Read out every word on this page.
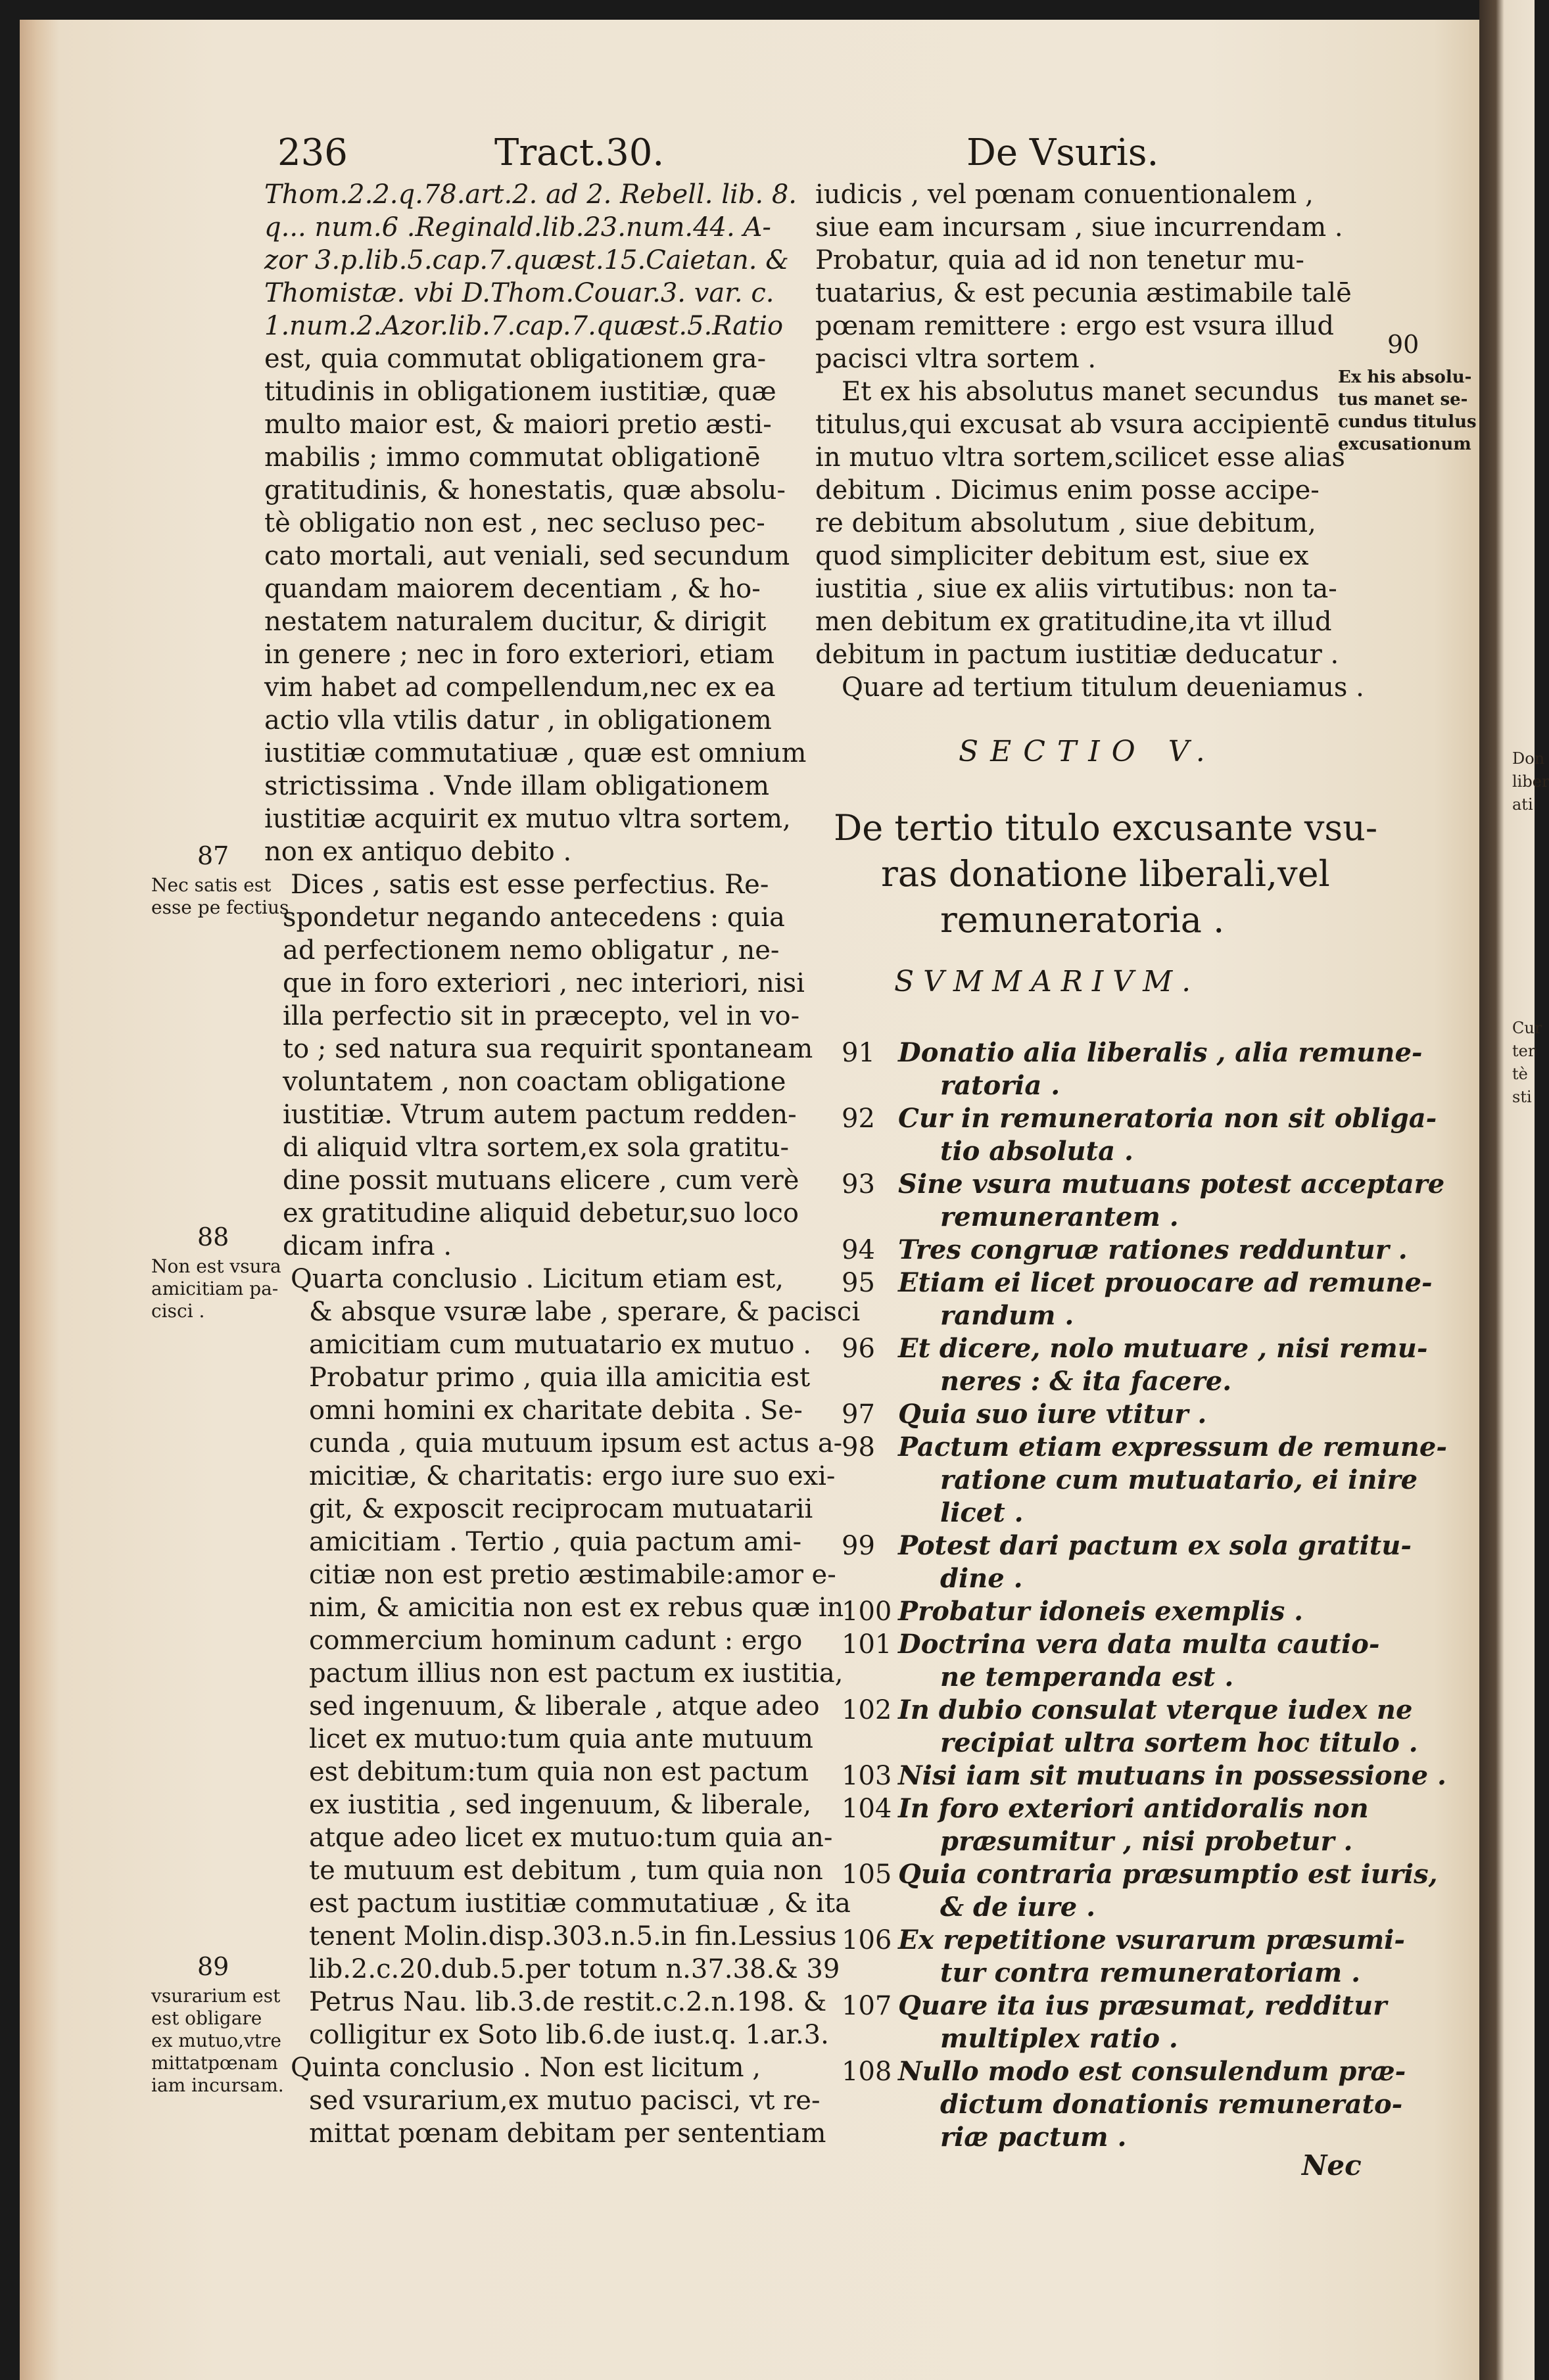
236	Tract.30.	De Vsuris.
Thom.2.2.q.78.art.2. ad 2. Rebell. lib. 8.
q... num.6 .Reginald.lib.23.num.44. A-
zor 3.p.lib.5.cap.7.quæst.15.Caietan. &
Thomistæ. vbi D.Thom.Couar.3. var. c.
1.num.2.Azor.lib.7.cap.7.quæst.5.Ratio
est, quia commutat obligationem gra-
titudinis in obligationem iustitiæ, quæ
multo maior est, & maiori pretio æsti-
mabilis ; immo commutat obligationē
gratitudinis, & honestatis, quæ absolu-
tè obligatio non est , nec secluso pec-
cato mortali, aut veniali, sed secundum
quandam maiorem decentiam , & ho-
nestatem naturalem ducitur, & dirigit
in genere ; nec in foro exteriori, etiam
vim habet ad compellendum,nec ex ea
actio vlla vtilis datur , in obligationem
iustitiæ commutatiuæ , quæ est omnium
strictissima . Vnde illam obligationem
iustitiæ acquirit ex mutuo vltra sortem,
non ex antiquo debito .
Dices , satis est esse perfectius. Re-
spondetur negando antecedens : quia
ad perfectionem nemo obligatur , ne-
que in foro exteriori , nec interiori, nisi
illa perfectio sit in præcepto, vel in vo-
to ; sed natura sua requirit spontaneam
voluntatem , non coactam obligatione
iustitiæ. Vtrum autem pactum redden-
di aliquid vltra sortem,ex sola gratitu-
dine possit mutuans elicere , cum verè
ex gratitudine aliquid debetur,suo loco
dicam infra .
Quarta conclusio . Licitum etiam est,
& absque vsuræ labe , sperare, & pacisci
amicitiam cum mutuatario ex mutuo .
Probatur primo , quia illa amicitia est
omni homini ex charitate debita . Se-
cunda , quia mutuum ipsum est actus a-
micitiæ, & charitatis: ergo iure suo exi-
git, & exposcit reciprocam mutuatarii
amicitiam . Tertio , quia pactum ami-
citiæ non est pretio æstimabile:amor e-
nim, & amicitia non est ex rebus quæ in
commercium hominum cadunt : ergo
pactum illius non est pactum ex iustitia,
sed ingenuum, & liberale , atque adeo
licet ex mutuo:tum quia ante mutuum
est debitum:tum quia non est pactum
ex iustitia , sed ingenuum, & liberale,
atque adeo licet ex mutuo:tum quia an-
te mutuum est debitum , tum quia non
est pactum iustitiæ commutatiuæ , & ita
tenent Molin.disp.303.n.5.in fin.Lessius
lib.2.c.20.dub.5.per totum n.37.38.& 39
Petrus Nau. lib.3.de restit.c.2.n.198. &
colligitur ex Soto lib.6.de iust.q. 1.ar.3.
Quinta conclusio . Non est licitum ,
sed vsurarium,ex mutuo pacisci, vt re-
mittat pœnam debitam per sententiam
87
Nec satis est
esse pe fectius
88
Non est vsura
amicitiam pa-
cisci .
89
vsurarium est
est obligare
ex mutuo,vtre
mittatpœnam
iam incursam.
iudicis , vel pœnam conuentionalem ,
siue eam incursam , siue incurrendam .
Probatur, quia ad id non tenetur mu-
tuatarius, & est pecunia æstimabile talē
pœnam remittere : ergo est vsura illud
pacisci vltra sortem .
Et ex his absolutus manet secundus
titulus,qui excusat ab vsura accipientē
in mutuo vltra sortem,scilicet esse alias
debitum . Dicimus enim posse accipe-
re debitum absolutum , siue debitum,
quod simpliciter debitum est, siue ex
iustitia , siue ex aliis virtutibus: non ta-
men debitum ex gratitudine,ita vt illud
debitum in pactum iustitiæ deducatur .
Quare ad tertium titulum deueniamus .
90
Ex his absolu-
tus manet se-
cundus titulus
excusationum
SECTIO V.
De tertio titulo excusante vsu-
ras donatione liberali,vel
remuneratoria .
SVMMARIVM.
91 Donatio alia liberalis , alia remune-
ratoria .
92 Cur in remuneratoria non sit obliga-
tio absoluta .
93 Sine vsura mutuans potest acceptare
remunerantem .
94 Tres congruæ rationes redduntur .
95 Etiam ei licet prouocare ad remune-
randum .
96 Et dicere, nolo mutuare , nisi remu-
neres : & ita facere.
97 Quia suo iure vtitur .
98 Pactum etiam expressum de remune-
ratione cum mutuatario, ei inire
licet .
99 Potest dari pactum ex sola gratitu-
dine .
100 Probatur idoneis exemplis .
101 Doctrina vera data multa cautio-
ne temperanda est .
102 In dubio consulat vterque iudex ne
recipiat ultra sortem hoc titulo .
103 Nisi iam sit mutuans in possessione .
104 In foro exteriori antidoralis non
præsumitur , nisi probetur .
105 Quia contraria præsumptio est iuris,
& de iure .
106 Ex repetitione vsurarum præsumi-
tur contra remuneratoriam .
107 Quare ita ius præsumat, redditur
multiplex ratio .
108 Nullo modo est consulendum præ-
dictum donationis remunerato-
riæ pactum .
Nec
Don
liber
ati
Cur
ter
tè
sti
